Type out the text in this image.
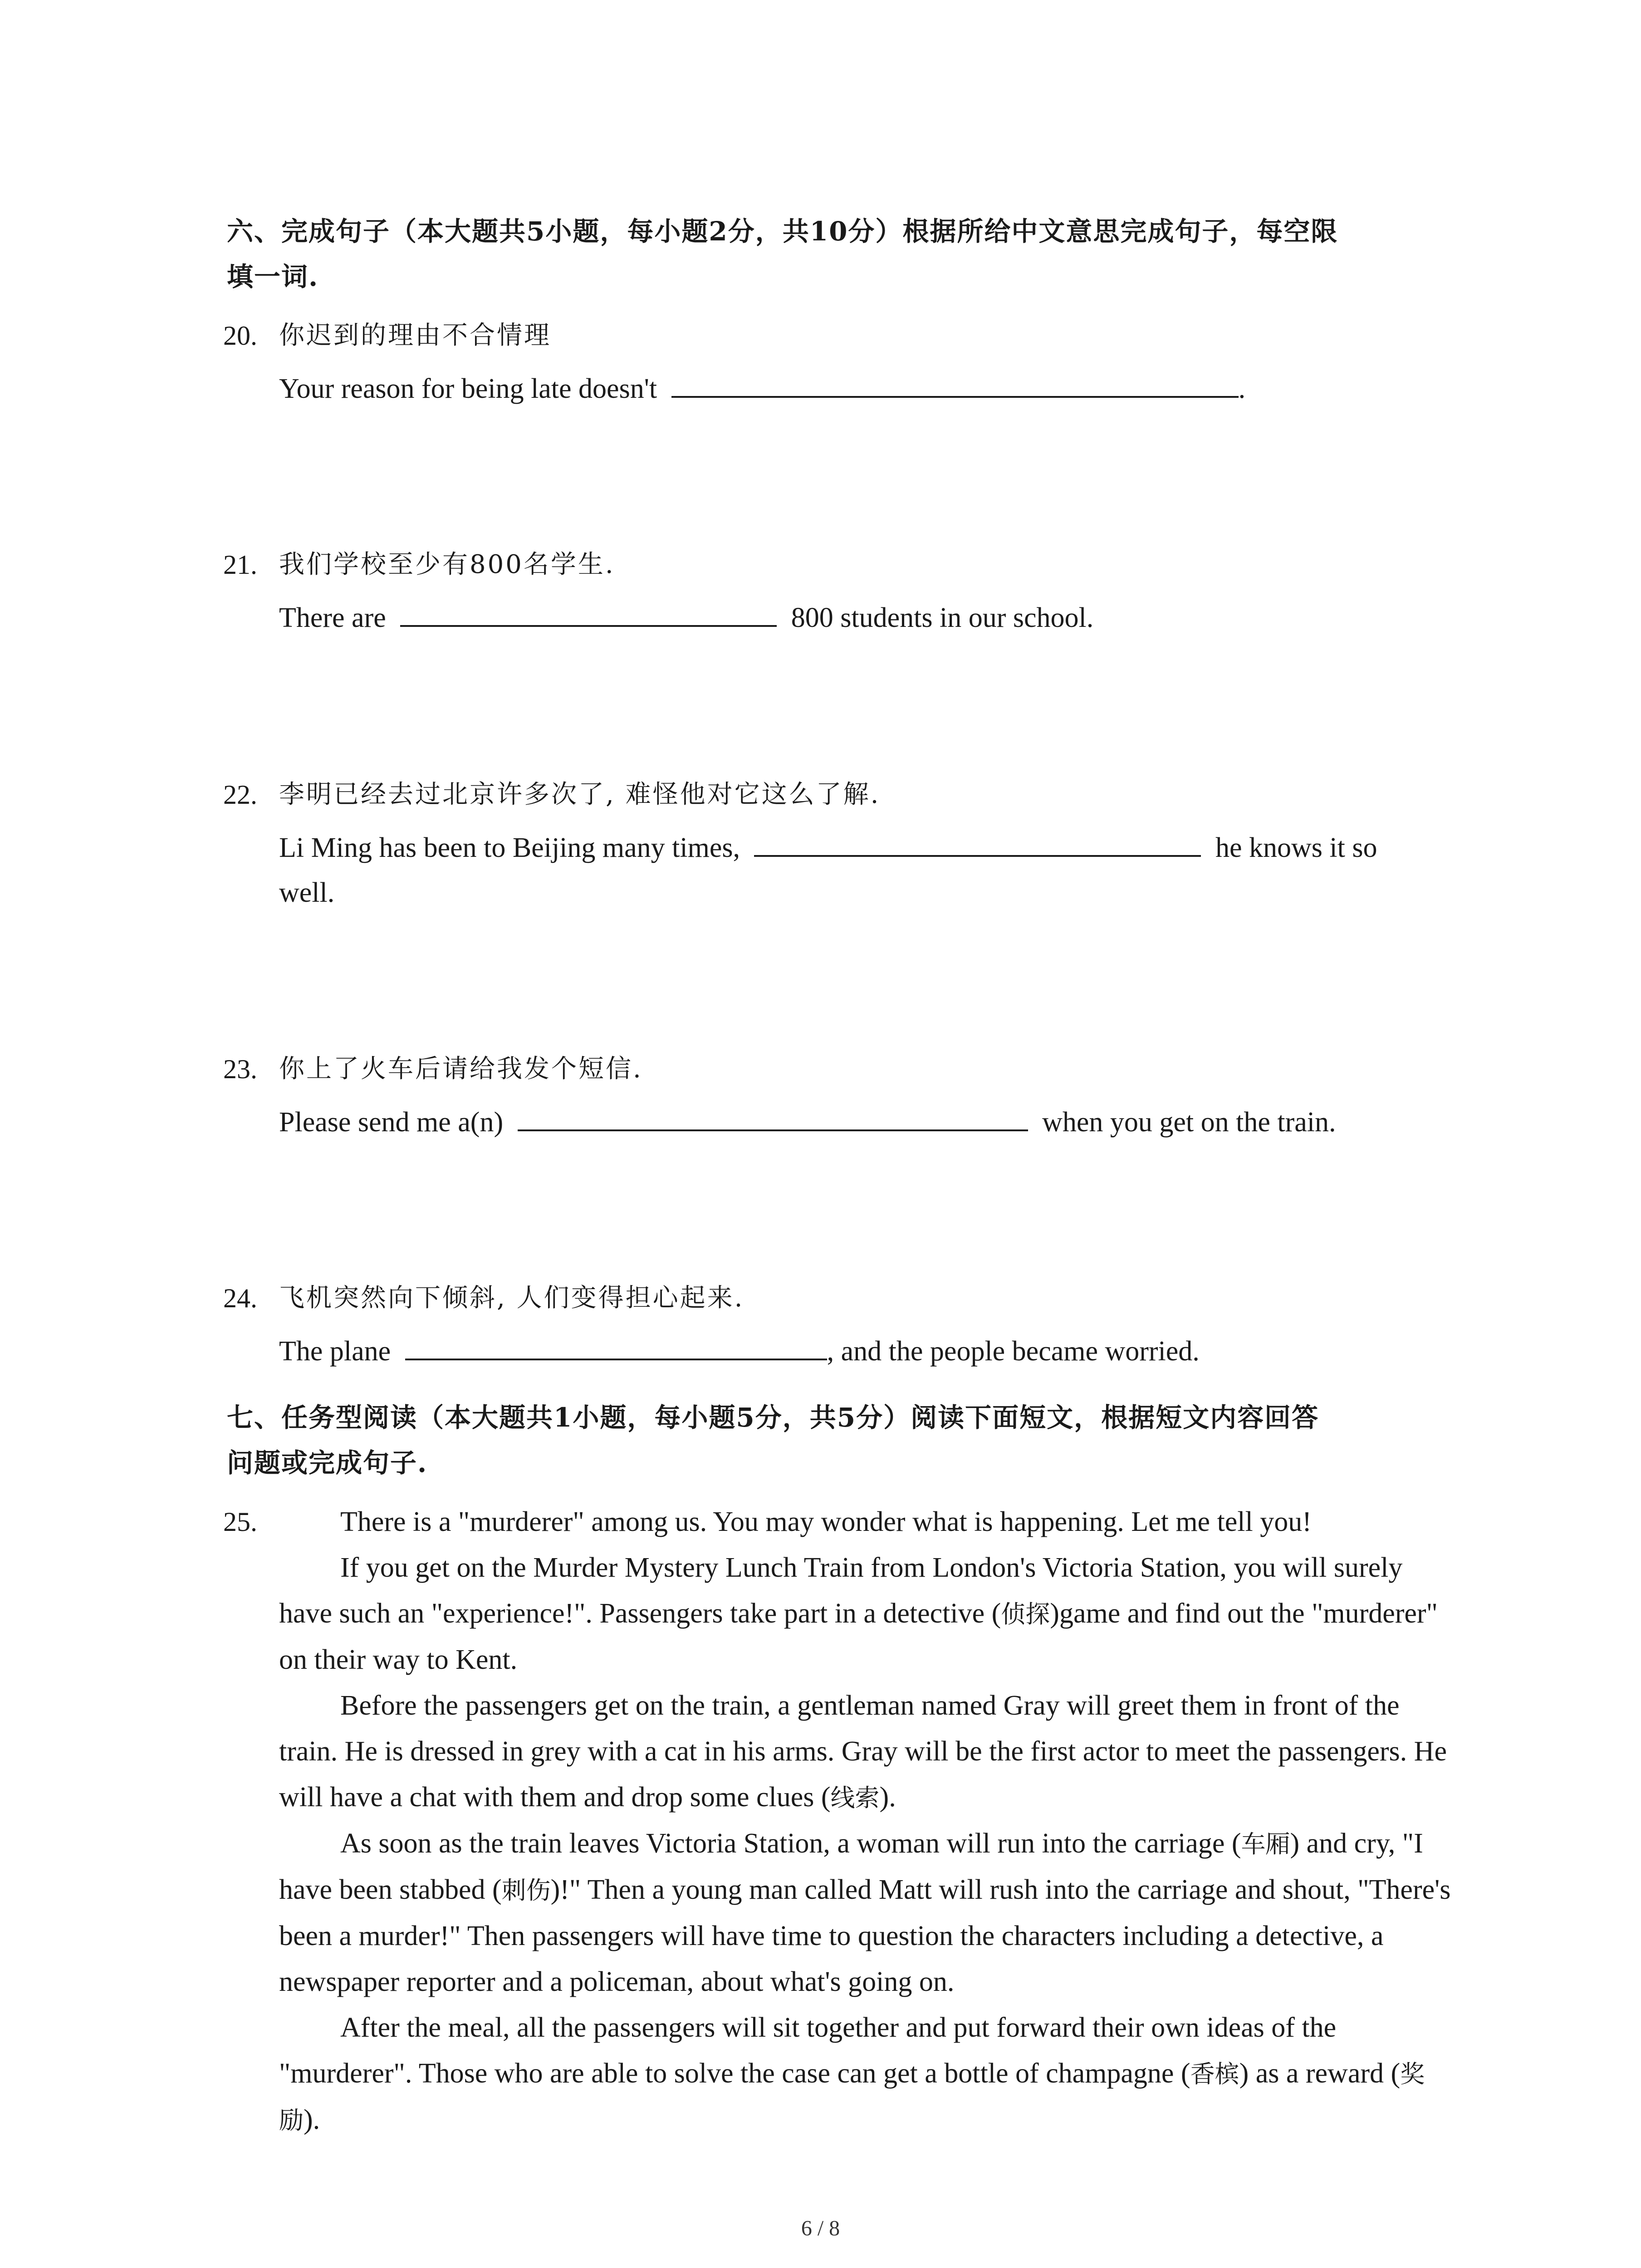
六、完成句子（本大题共5小题，每小题2分，共10分）根据所给中文意思完成句子，每空限
填一词.
20. 你迟到的理由不合情理
Your reason for being late doesn't	.
21. 我们学校至少有800名学生.
There are	800 students in our school.
22. 李明已经去过北京许多次了, 难怪他对它这么了解.
Li Ming has been to Beijing many times,	he knows it so
well.
23. 你上了火车后请给我发个短信.
Please send me a(n)	when you get on the train.
24. 飞机突然向下倾斜, 人们变得担心起来.
The plane	, and the people became worried.
七、任务型阅读（本大题共1小题，每小题5分，共5分）阅读下面短文，根据短文内容回答
问题或完成句子.
25.	There is a "murderer" among us. You may wonder what is happening. Let me tell you!

If you get on the Murder Mystery Lunch Train from London's Victoria Station, you will surely have such an "experience!". Passengers take part in a detective (侦探)game and find out the "murderer" on their way to Kent.

Before the passengers get on the train, a gentleman named Gray will greet them in front of the train. He is dressed in grey with a cat in his arms. Gray will be the first actor to meet the passengers. He will have a chat with them and drop some clues (线索).

As soon as the train leaves Victoria Station, a woman will run into the carriage (车厢) and cry, "I have been stabbed (刺伤)!" Then a young man called Matt will rush into the carriage and shout, "There's been a murder!" Then passengers will have time to question the characters including a detective, a newspaper reporter and a policeman, about what's going on.

After the meal, all the passengers will sit together and put forward their own ideas of the "murderer". Those who are able to solve the case can get a bottle of champagne (香槟) as a reward (奖励).

6 / 8
